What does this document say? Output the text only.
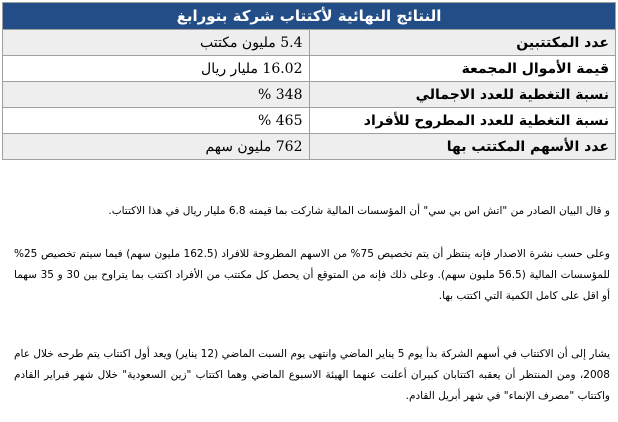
النتائج النهائية لأكتتاب شركة بتورابغ	
5.4 مليون مكتتب	عدد المكتتبين
16.02 مليار ريال	قيمة الأموال المجمعة
348 %	نسبة التغطية للعدد الاجمالي
465 %	نسبة التغطية للعدد المطروح للأفراد
762 مليون سهم	عدد الأسهم المكتتب بها

و قال البيان الصادر من "اتش اس بي سي" أن المؤسسات المالية شاركت بما قيمته 6.8 مليار ريال في هذا الاكتتاب.

وعلى حسب نشرة الاصدار فإنه ينتظر أن يتم تخصيص 75% من الاسهم المطروحة للافراد (162.5 مليون سهم) فيما سيتم تخصيص 25% للمؤسسات المالية (56.5 مليون سهم). وعلى ذلك فإنه من المتوقع أن يحصل كل مكتتب من الأفراد اكتتب بما يتراوح بين 30 و 35 سهما أو اقل على كامل الكمية التي اكتتب بها.

يشار إلى أن الاكتتاب في أسهم الشركة بدأ يوم 5 يناير الماضي وانتهى يوم السبت الماضي (12 يناير) ويعد أول اكتتاب يتم طرحه خلال عام 2008، ومن المنتظر أن يعقبه اكتتابان كبيران أعلنت عنهما الهيئة الاسبوع الماضي وهما اكتتاب "زين السعودية" خلال شهر فبراير القادم واكتتاب "مصرف الإنماء" في شهر أبريل القادم.
